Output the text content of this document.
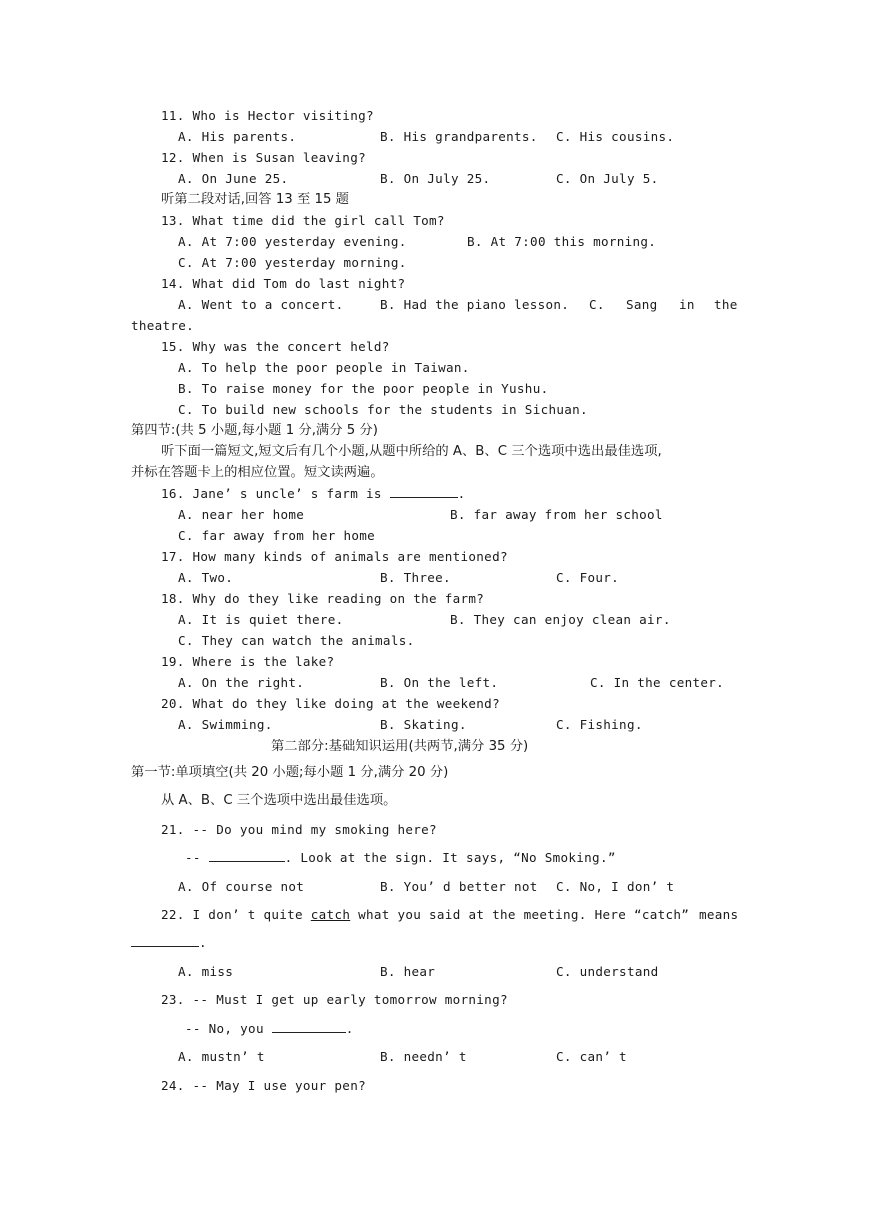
11. Who is Hector visiting?
A. His parents.	B. His grandparents. C. His cousins.
12. When is Susan leaving?
A. On June 25.	B. On July 25.	C. On July 5.
听第二段对话,回答 13 至 15 题
13. What time did the girl call Tom?
A. At 7:00 yesterday evening.	B. At 7:00 this morning.
C. At 7:00 yesterday morning.
14. What did Tom do last night?
A. Went to a concert.	B. Had the piano lesson. C. Sang in the
theatre.
15. Why was the concert held?
A. To help the poor people in Taiwan.
B. To raise money for the poor people in Yushu.
C. To build new schools for the students in Sichuan.
第四节:(共 5 小题,每小题 1 分,满分 5 分)
听下面一篇短文,短文后有几个小题,从题中所给的 A、B、C 三个选项中选出最佳选项,
并标在答题卡上的相应位置。短文读两遍。
16. Jane’ s uncle’ s farm is	.
A. near her home	B. far away from her school
C. far away from her home
17. How many kinds of animals are mentioned?
A. Two.	B. Three.	C. Four.
18. Why do they like reading on the farm?
A. It is quiet there.	B. They can enjoy clean air.
C. They can watch the animals.
19. Where is the lake?
A. On the right.	B. On the left.	C. In the center.
20. What do they like doing at the weekend?
A. Swimming.	B. Skating.	C. Fishing.
第二部分:基础知识运用(共两节,满分 35 分)
第一节:单项填空(共 20 小题;每小题 1 分,满分 20 分)
从 A、B、C 三个选项中选出最佳选项。
21. -- Do you mind my smoking here?
--	. Look at the sign. It says, “No Smoking.”
A. Of course not	B. You’ d better not C. No, I don’ t
22. I don’ t quite catch what you said at the meeting. Here “catch” means
.
A. miss	B. hear	C. understand
23. -- Must I get up early tomorrow morning?
-- No, you	.
A. mustn’ t	B. needn’ t	C. can’ t
24. -- May I use your pen?
